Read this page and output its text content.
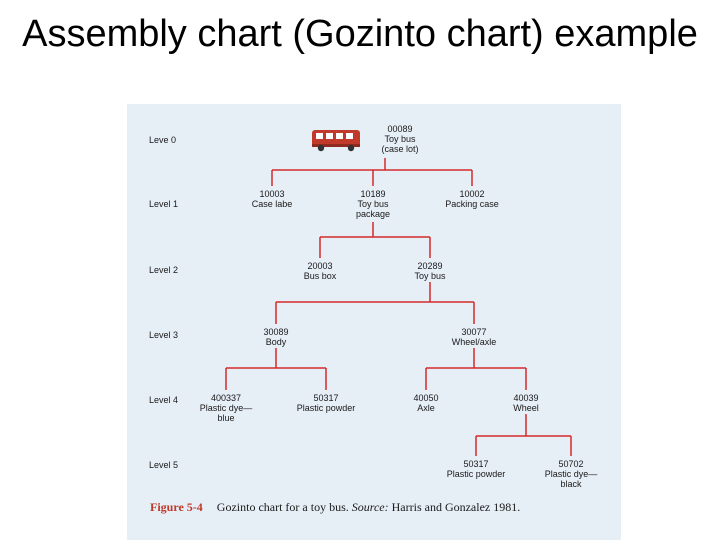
Assembly chart (Gozinto chart) example
Leve 0
Level 1
Level 2
Level 3
Level 4
Level 5
00089
Toy bus
(case lot)
10003
Case labe
10189
Toy bus
package
10002
Packing case
20003
Bus box
20289
Toy bus
30089
Body
30077
Wheel/axle
400337
Plastic dye—
blue
50317
Plastic powder
40050
Axle
40039
Wheel
50317
Plastic powder
50702
Plastic dye—
black
Figure 5-4 Gozinto chart for a toy bus. Source: Harris and Gonzalez 1981.
